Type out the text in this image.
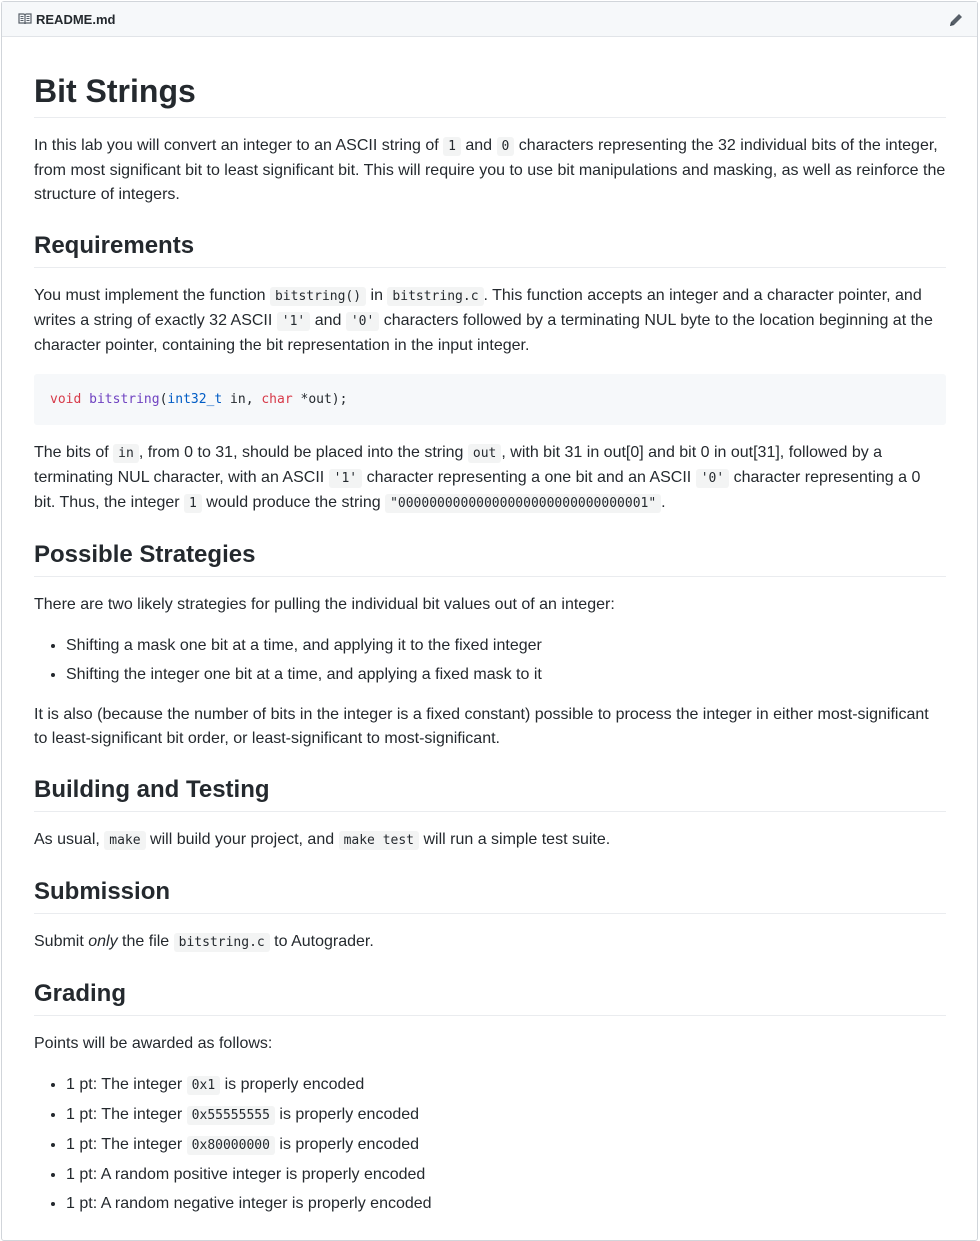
README.md
Bit Strings

In this lab you will convert an integer to an ASCII string of 1 and 0 characters representing the 32 individual bits of the integer, from most significant bit to least significant bit. This will require you to use bit manipulations and masking, as well as reinforce the structure of integers.

Requirements

You must implement the function bitstring() in bitstring.c . This function accepts an integer and a character pointer, and writes a string of exactly 32 ASCII '1' and '0' characters followed by a terminating NUL byte to the location beginning at the character pointer, containing the bit representation in the input integer.

void bitstring(int32_t in, char *out);

The bits of in , from 0 to 31, should be placed into the string out , with bit 31 in out[0] and bit 0 in out[31], followed by a terminating NUL character, with an ASCII '1' character representing a one bit and an ASCII '0' character representing a 0 bit. Thus, the integer 1 would produce the string "00000000000000000000000000000001" .

Possible Strategies

There are two likely strategies for pulling the individual bit values out of an integer:

• Shifting a mask one bit at a time, and applying it to the fixed integer
• Shifting the integer one bit at a time, and applying a fixed mask to it

It is also (because the number of bits in the integer is a fixed constant) possible to process the integer in either most-significant to least-significant bit order, or least-significant to most-significant.

Building and Testing

As usual, make will build your project, and make test will run a simple test suite.

Submission

Submit only the file bitstring.c to Autograder.

Grading

Points will be awarded as follows:

• 1 pt: The integer 0x1 is properly encoded
• 1 pt: The integer 0x55555555 is properly encoded
• 1 pt: The integer 0x80000000 is properly encoded
• 1 pt: A random positive integer is properly encoded
• 1 pt: A random negative integer is properly encoded
